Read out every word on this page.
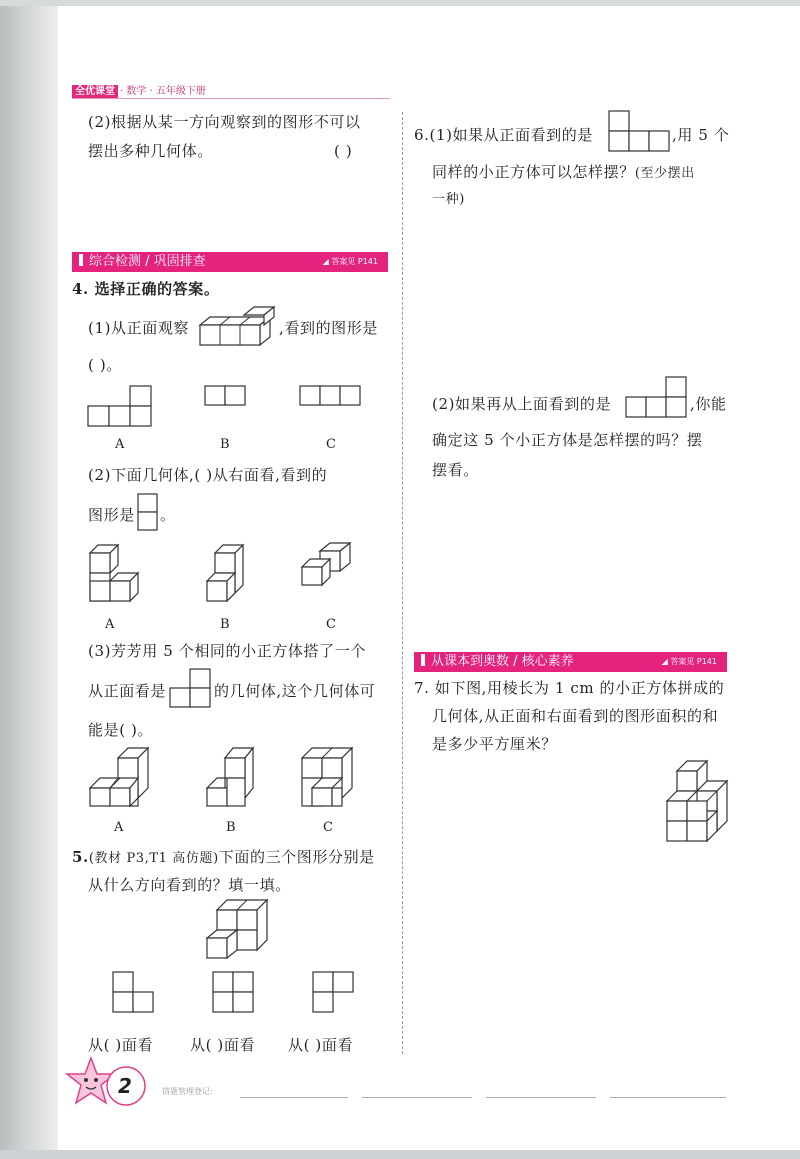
全优课堂 · 数学 · 五年级下册
(2)根据从某一方向观察到的图形不可以
摆出多种几何体。	( )
综合检测 / 巩固排查	◢ 答案见 P141
4. 选择正确的答案。
(1)从正面观察	,看到的图形是
( )。
A	B	C
(2)下面几何体,( )从右面看,看到的
图形是 。
A	B	C
(3)芳芳用 5 个相同的小正方体搭了一个
从正面看是	的几何体,这个几何体可
能是( )。
A	B	C
5.(教材 P3,T1 高仿题)下面的三个图形分别是
从什么方向看到的？填一填。
从( )面看 从( )面看 从( )面看
6.(1)如果从正面看到的是	,用 5 个
同样的小正方体可以怎样摆？(至少摆出
一种)
(2)如果再从上面看到的是	,你能
确定这 5 个小正方体是怎样摆的吗？摆
摆看。
从课本到奥数 / 核心素养	◢ 答案见 P141
7. 如下图,用棱长为 1 cm 的小正方体拼成的
几何体,从正面和右面看到的图形面积的和
是多少平方厘米？
2	错题管理登记:
